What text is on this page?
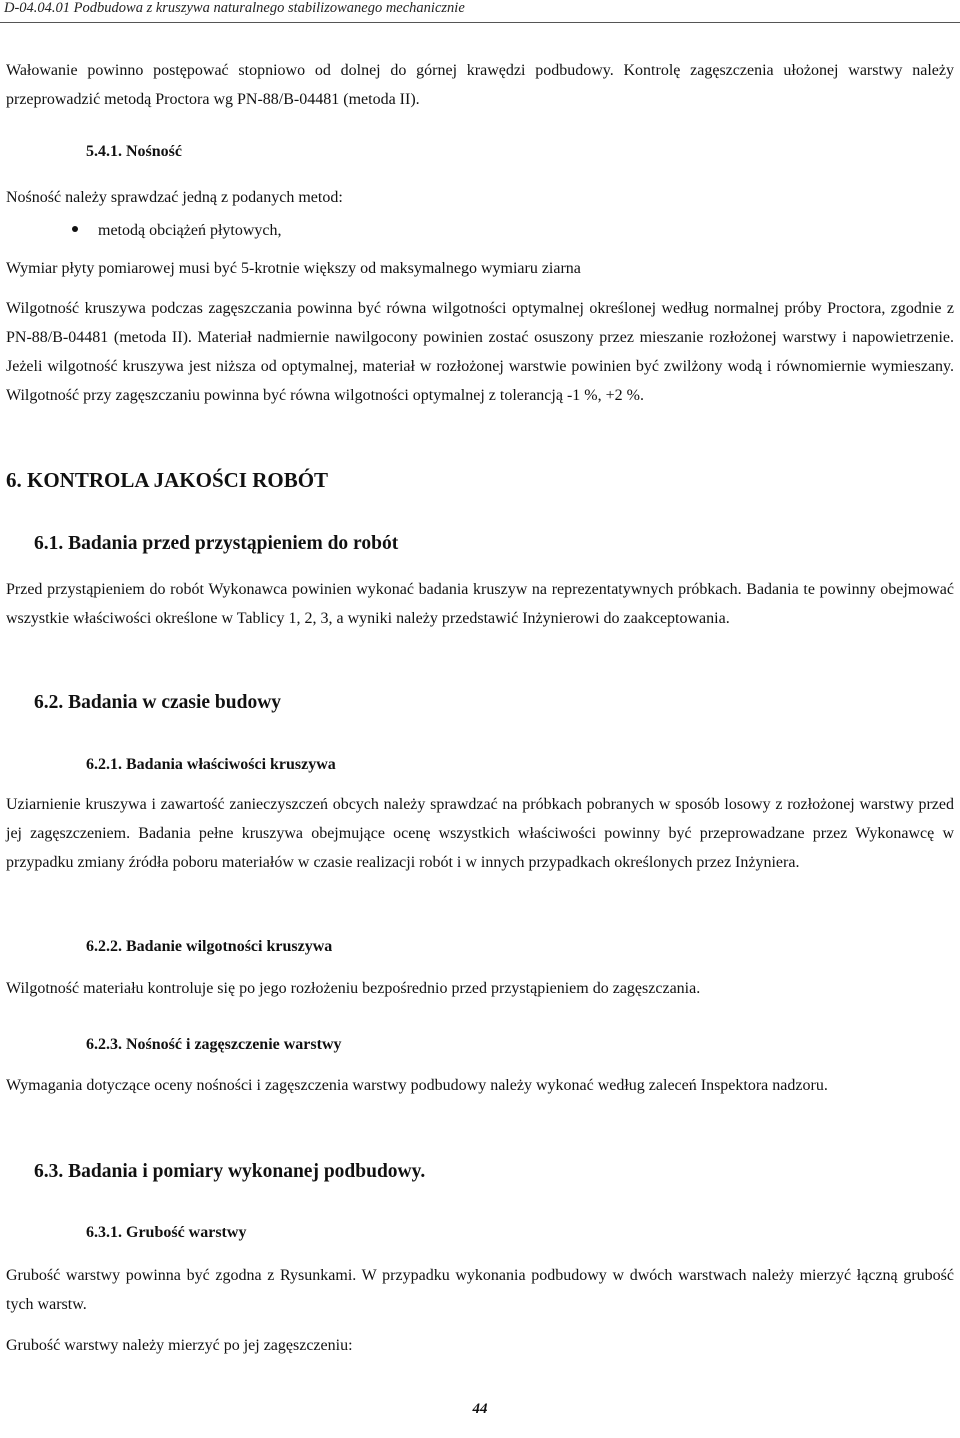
D-04.04.01 Podbudowa z kruszywa naturalnego stabilizowanego mechanicznie
Wałowanie powinno postępować stopniowo od dolnej do górnej krawędzi podbudowy. Kontrolę zagęszczenia ułożonej warstwy należy przeprowadzić metodą Proctora wg PN-88/B-04481 (metoda II).
5.4.1. Nośność
Nośność należy sprawdzać jedną z podanych metod:
metodą obciążeń płytowych,
Wymiar płyty pomiarowej musi być 5-krotnie większy od maksymalnego wymiaru ziarna
Wilgotność kruszywa podczas zagęszczania powinna być równa wilgotności optymalnej określonej według normalnej próby Proctora, zgodnie z PN-88/B-04481 (metoda II). Materiał nadmiernie nawilgocony powinien zostać osuszony przez mieszanie rozłożonej warstwy i napowietrzenie. Jeżeli wilgotność kruszywa jest niższa od optymalnej, materiał w rozłożonej warstwie powinien być zwilżony wodą i równomiernie wymieszany. Wilgotność przy zagęszczaniu powinna być równa wilgotności optymalnej z tolerancją -1 %, +2 %.
6. KONTROLA JAKOŚCI ROBÓT
6.1. Badania przed przystąpieniem do robót
Przed przystąpieniem do robót Wykonawca powinien wykonać badania kruszyw na reprezentatywnych próbkach. Badania te powinny obejmować wszystkie właściwości określone w Tablicy 1, 2, 3, a wyniki należy przedstawić Inżynierowi do zaakceptowania.
6.2. Badania w czasie budowy
6.2.1. Badania właściwości kruszywa
Uziarnienie kruszywa i zawartość zanieczyszczeń obcych należy sprawdzać na próbkach pobranych w sposób losowy z rozłożonej warstwy przed jej zagęszczeniem. Badania pełne kruszywa obejmujące ocenę wszystkich właściwości powinny być przeprowadzane przez Wykonawcę w przypadku zmiany źródła poboru materiałów w czasie realizacji robót i w innych przypadkach określonych przez Inżyniera.
6.2.2. Badanie wilgotności kruszywa
Wilgotność materiału kontroluje się po jego rozłożeniu bezpośrednio przed przystąpieniem do zagęszczania.
6.2.3. Nośność i zagęszczenie warstwy
Wymagania dotyczące oceny nośności i zagęszczenia warstwy podbudowy należy wykonać według zaleceń Inspektora nadzoru.
6.3. Badania i pomiary wykonanej podbudowy.
6.3.1. Grubość warstwy
Grubość warstwy powinna być zgodna z Rysunkami. W przypadku wykonania podbudowy w dwóch warstwach należy mierzyć łączną grubość tych warstw.
Grubość warstwy należy mierzyć po jej zagęszczeniu:
44
